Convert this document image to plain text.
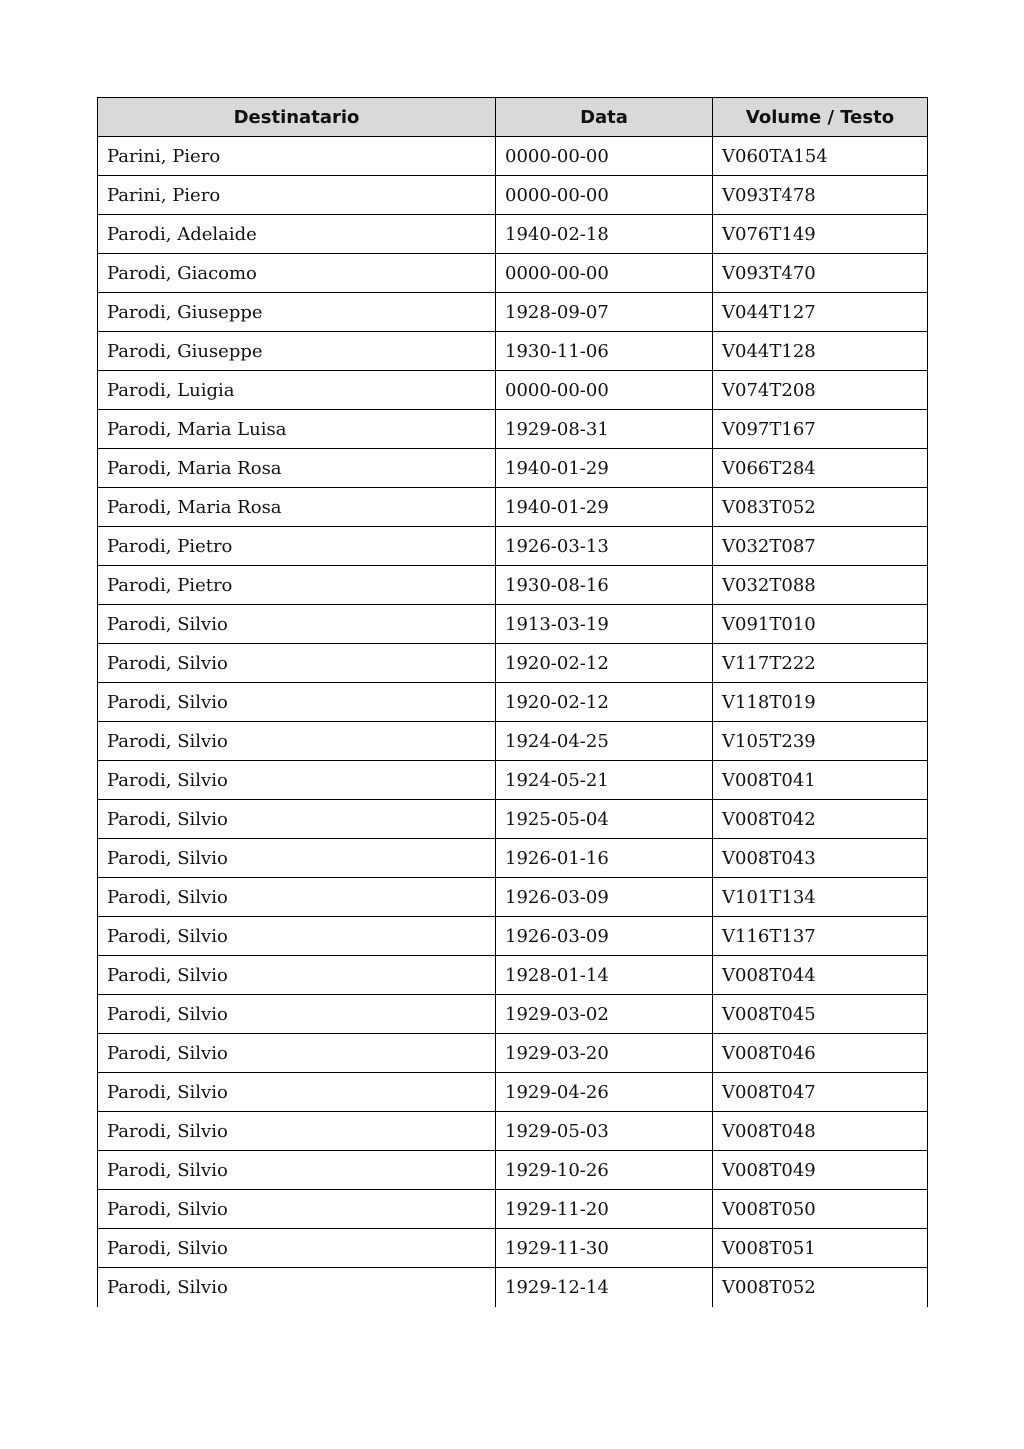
Destinatario	Data	Volume / Testo
Parini, Piero	0000-00-00	V060TA154
Parini, Piero	0000-00-00	V093T478
Parodi, Adelaide	1940-02-18	V076T149
Parodi, Giacomo	0000-00-00	V093T470
Parodi, Giuseppe	1928-09-07	V044T127
Parodi, Giuseppe	1930-11-06	V044T128
Parodi, Luigia	0000-00-00	V074T208
Parodi, Maria Luisa	1929-08-31	V097T167
Parodi, Maria Rosa	1940-01-29	V066T284
Parodi, Maria Rosa	1940-01-29	V083T052
Parodi, Pietro	1926-03-13	V032T087
Parodi, Pietro	1930-08-16	V032T088
Parodi, Silvio	1913-03-19	V091T010
Parodi, Silvio	1920-02-12	V117T222
Parodi, Silvio	1920-02-12	V118T019
Parodi, Silvio	1924-04-25	V105T239
Parodi, Silvio	1924-05-21	V008T041
Parodi, Silvio	1925-05-04	V008T042
Parodi, Silvio	1926-01-16	V008T043
Parodi, Silvio	1926-03-09	V101T134
Parodi, Silvio	1926-03-09	V116T137
Parodi, Silvio	1928-01-14	V008T044
Parodi, Silvio	1929-03-02	V008T045
Parodi, Silvio	1929-03-20	V008T046
Parodi, Silvio	1929-04-26	V008T047
Parodi, Silvio	1929-05-03	V008T048
Parodi, Silvio	1929-10-26	V008T049
Parodi, Silvio	1929-11-20	V008T050
Parodi, Silvio	1929-11-30	V008T051
Parodi, Silvio	1929-12-14	V008T052
